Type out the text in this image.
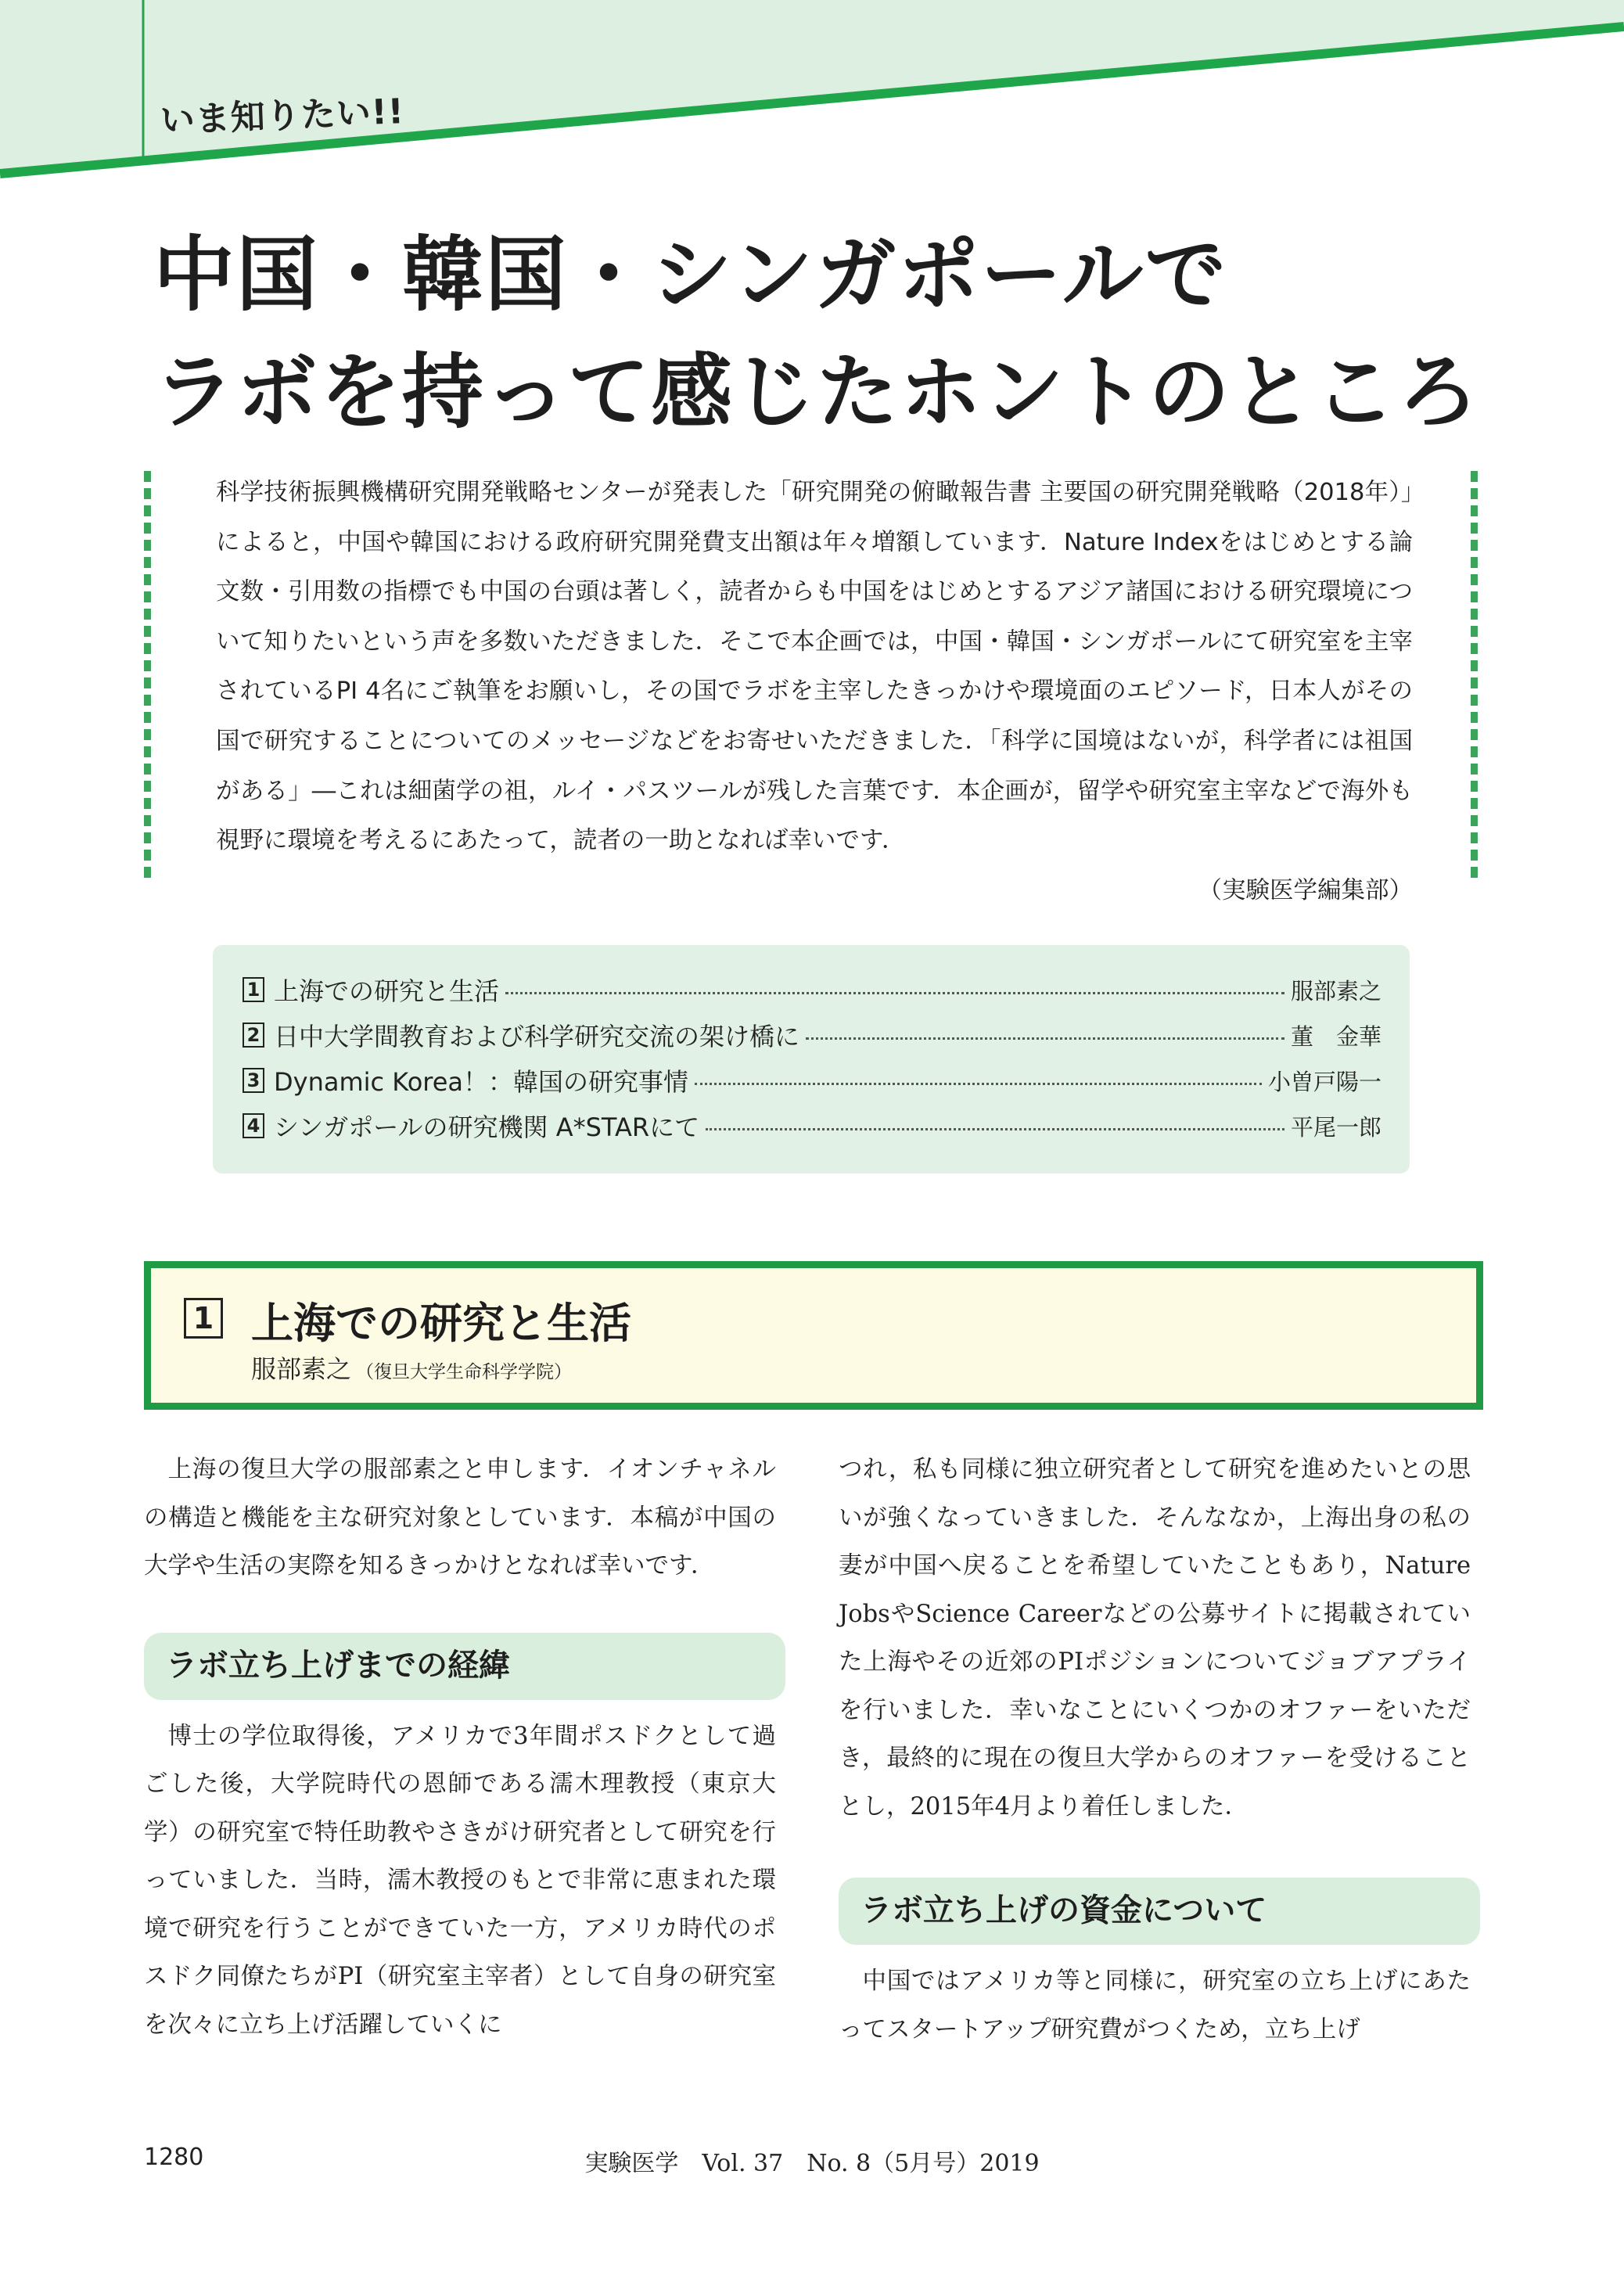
いま知りたい!!
中国・韓国・シンガポールで
ラボを持って感じたホントのところ

科学技術振興機構研究開発戦略センターが発表した「研究開発の俯瞰報告書 主要国の研究開発戦略（2018年）」によると，中国や韓国における政府研究開発費支出額は年々増額しています．Nature Indexをはじめとする論文数・引用数の指標でも中国の台頭は著しく，読者からも中国をはじめとするアジア諸国における研究環境について知りたいという声を多数いただきました．そこで本企画では，中国・韓国・シンガポールにて研究室を主宰されているPI 4名にご執筆をお願いし，その国でラボを主宰したきっかけや環境面のエピソード，日本人がその国で研究することについてのメッセージなどをお寄せいただきました．「科学に国境はないが，科学者には祖国がある」―これは細菌学の祖，ルイ・パスツールが残した言葉です．本企画が，留学や研究室主宰などで海外も視野に環境を考えるにあたって，読者の一助となれば幸いです．

（実験医学編集部）

1 上海での研究と生活	服部素之
2 日中大学間教育および科学研究交流の架け橋に	董　金華
3 Dynamic Korea！：韓国の研究事情	小曽戸陽一
4 シンガポールの研究機関 A*STARにて	平尾一郎
1 上海での研究と生活
服部素之 （復旦大学生命科学学院）

上海の復旦大学の服部素之と申します．イオンチャネルの構造と機能を主な研究対象としています．本稿が中国の大学や生活の実際を知るきっかけとなれば幸いです．

ラボ立ち上げまでの経緯

博士の学位取得後，アメリカで3年間ポスドクとして過ごした後，大学院時代の恩師である濡木理教授（東京大学）の研究室で特任助教やさきがけ研究者として研究を行っていました．当時，濡木教授のもとで非常に恵まれた環境で研究を行うことができていた一方，アメリカ時代のポスドク同僚たちがPI（研究室主宰者）として自身の研究室を次々に立ち上げ活躍していくに

つれ，私も同様に独立研究者として研究を進めたいとの思いが強くなっていきました．そんななか，上海出身の私の妻が中国へ戻ることを希望していたこともあり，Nature JobsやScience Careerなどの公募サイトに掲載されていた上海やその近郊のPIポジションについてジョブアプライを行いました．幸いなことにいくつかのオファーをいただき，最終的に現在の復旦大学からのオファーを受けることとし，2015年4月より着任しました．

ラボ立ち上げの資金について

中国ではアメリカ等と同様に，研究室の立ち上げにあたってスタートアップ研究費がつくため，立ち上げ

1280	実験医学　Vol. 37　No. 8（5月号）2019
